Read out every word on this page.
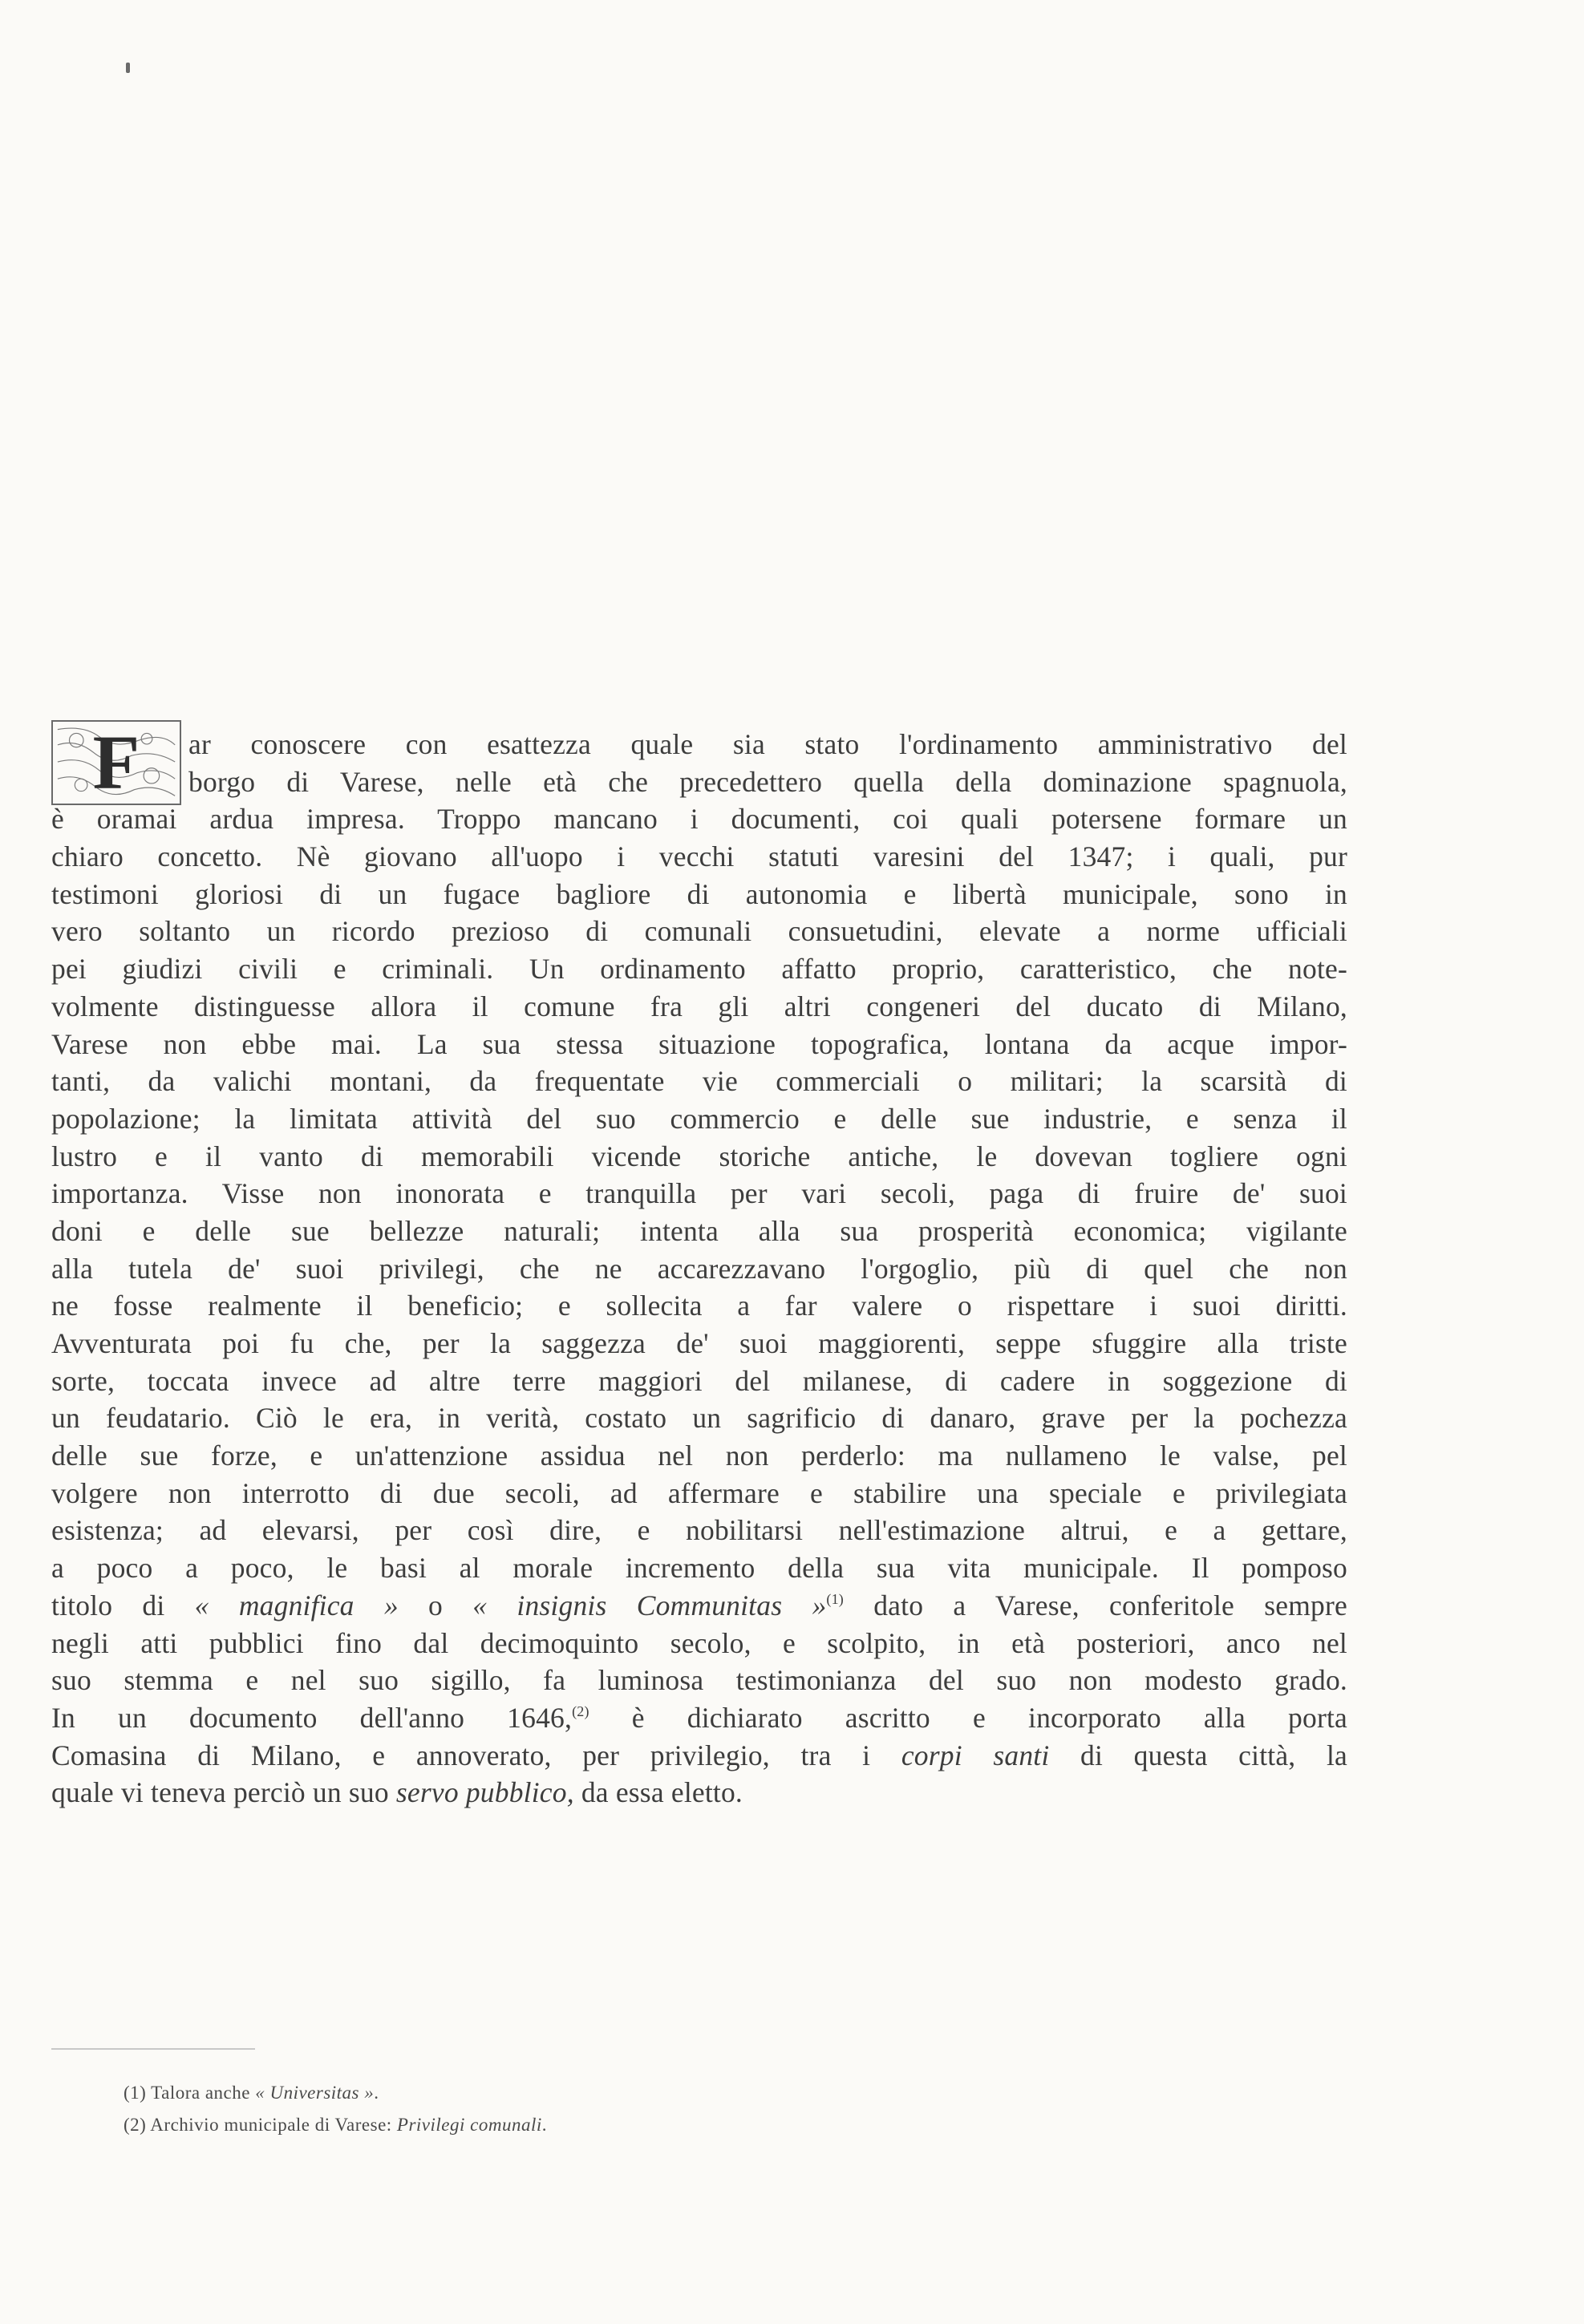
F	ar conoscere con esattezza quale sia stato l'ordinamento amministrativo del
borgo di Varese, nelle età che precedettero quella della dominazione spagnuola,
è oramai ardua impresa. Troppo mancano i documenti, coi quali potersene formare un
chiaro concetto. Nè giovano all'uopo i vecchi statuti varesini del 1347; i quali, pur
testimoni gloriosi di un fugace bagliore di autonomia e libertà municipale, sono in
vero soltanto un ricordo prezioso di comunali consuetudini, elevate a norme ufficiali
pei giudizi civili e criminali. Un ordinamento affatto proprio, caratteristico, che note-
volmente distinguesse allora il comune fra gli altri congeneri del ducato di Milano,
Varese non ebbe mai. La sua stessa situazione topografica, lontana da acque impor-
tanti, da valichi montani, da frequentate vie commerciali o militari; la scarsità di
popolazione; la limitata attività del suo commercio e delle sue industrie, e senza il
lustro e il vanto di memorabili vicende storiche antiche, le dovevan togliere ogni
importanza. Visse non inonorata e tranquilla per vari secoli, paga di fruire de' suoi
doni e delle sue bellezze naturali; intenta alla sua prosperità economica; vigilante
alla tutela de' suoi privilegi, che ne accarezzavano l'orgoglio, più di quel che non
ne fosse realmente il beneficio; e sollecita a far valere o rispettare i suoi diritti.
Avventurata poi fu che, per la saggezza de' suoi maggiorenti, seppe sfuggire alla triste
sorte, toccata invece ad altre terre maggiori del milanese, di cadere in soggezione di
un feudatario. Ciò le era, in verità, costato un sagrificio di danaro, grave per la pochezza
delle sue forze, e un'attenzione assidua nel non perderlo: ma nullameno le valse, pel
volgere non interrotto di due secoli, ad affermare e stabilire una speciale e privilegiata
esistenza; ad elevarsi, per così dire, e nobilitarsi nell'estimazione altrui, e a gettare,
a poco a poco, le basi al morale incremento della sua vita municipale. Il pomposo
titolo di « magnifica » o « insignis Communitas »$^{(1)}$ dato a Varese, conferitole sempre
negli atti pubblici fino dal decimoquinto secolo, e scolpito, in età posteriori, anco nel
suo stemma e nel suo sigillo, fa luminosa testimonianza del suo non modesto grado.
In un documento dell'anno 1646,$^{(2)}$ è dichiarato ascritto e incorporato alla porta
Comasina di Milano, e annoverato, per privilegio, tra i corpi santi di questa città, la
quale vi teneva perciò un suo servo pubblico, da essa eletto.
(1) Talora anche « Universitas ».
(2) Archivio municipale di Varese: Privilegi comunali.
